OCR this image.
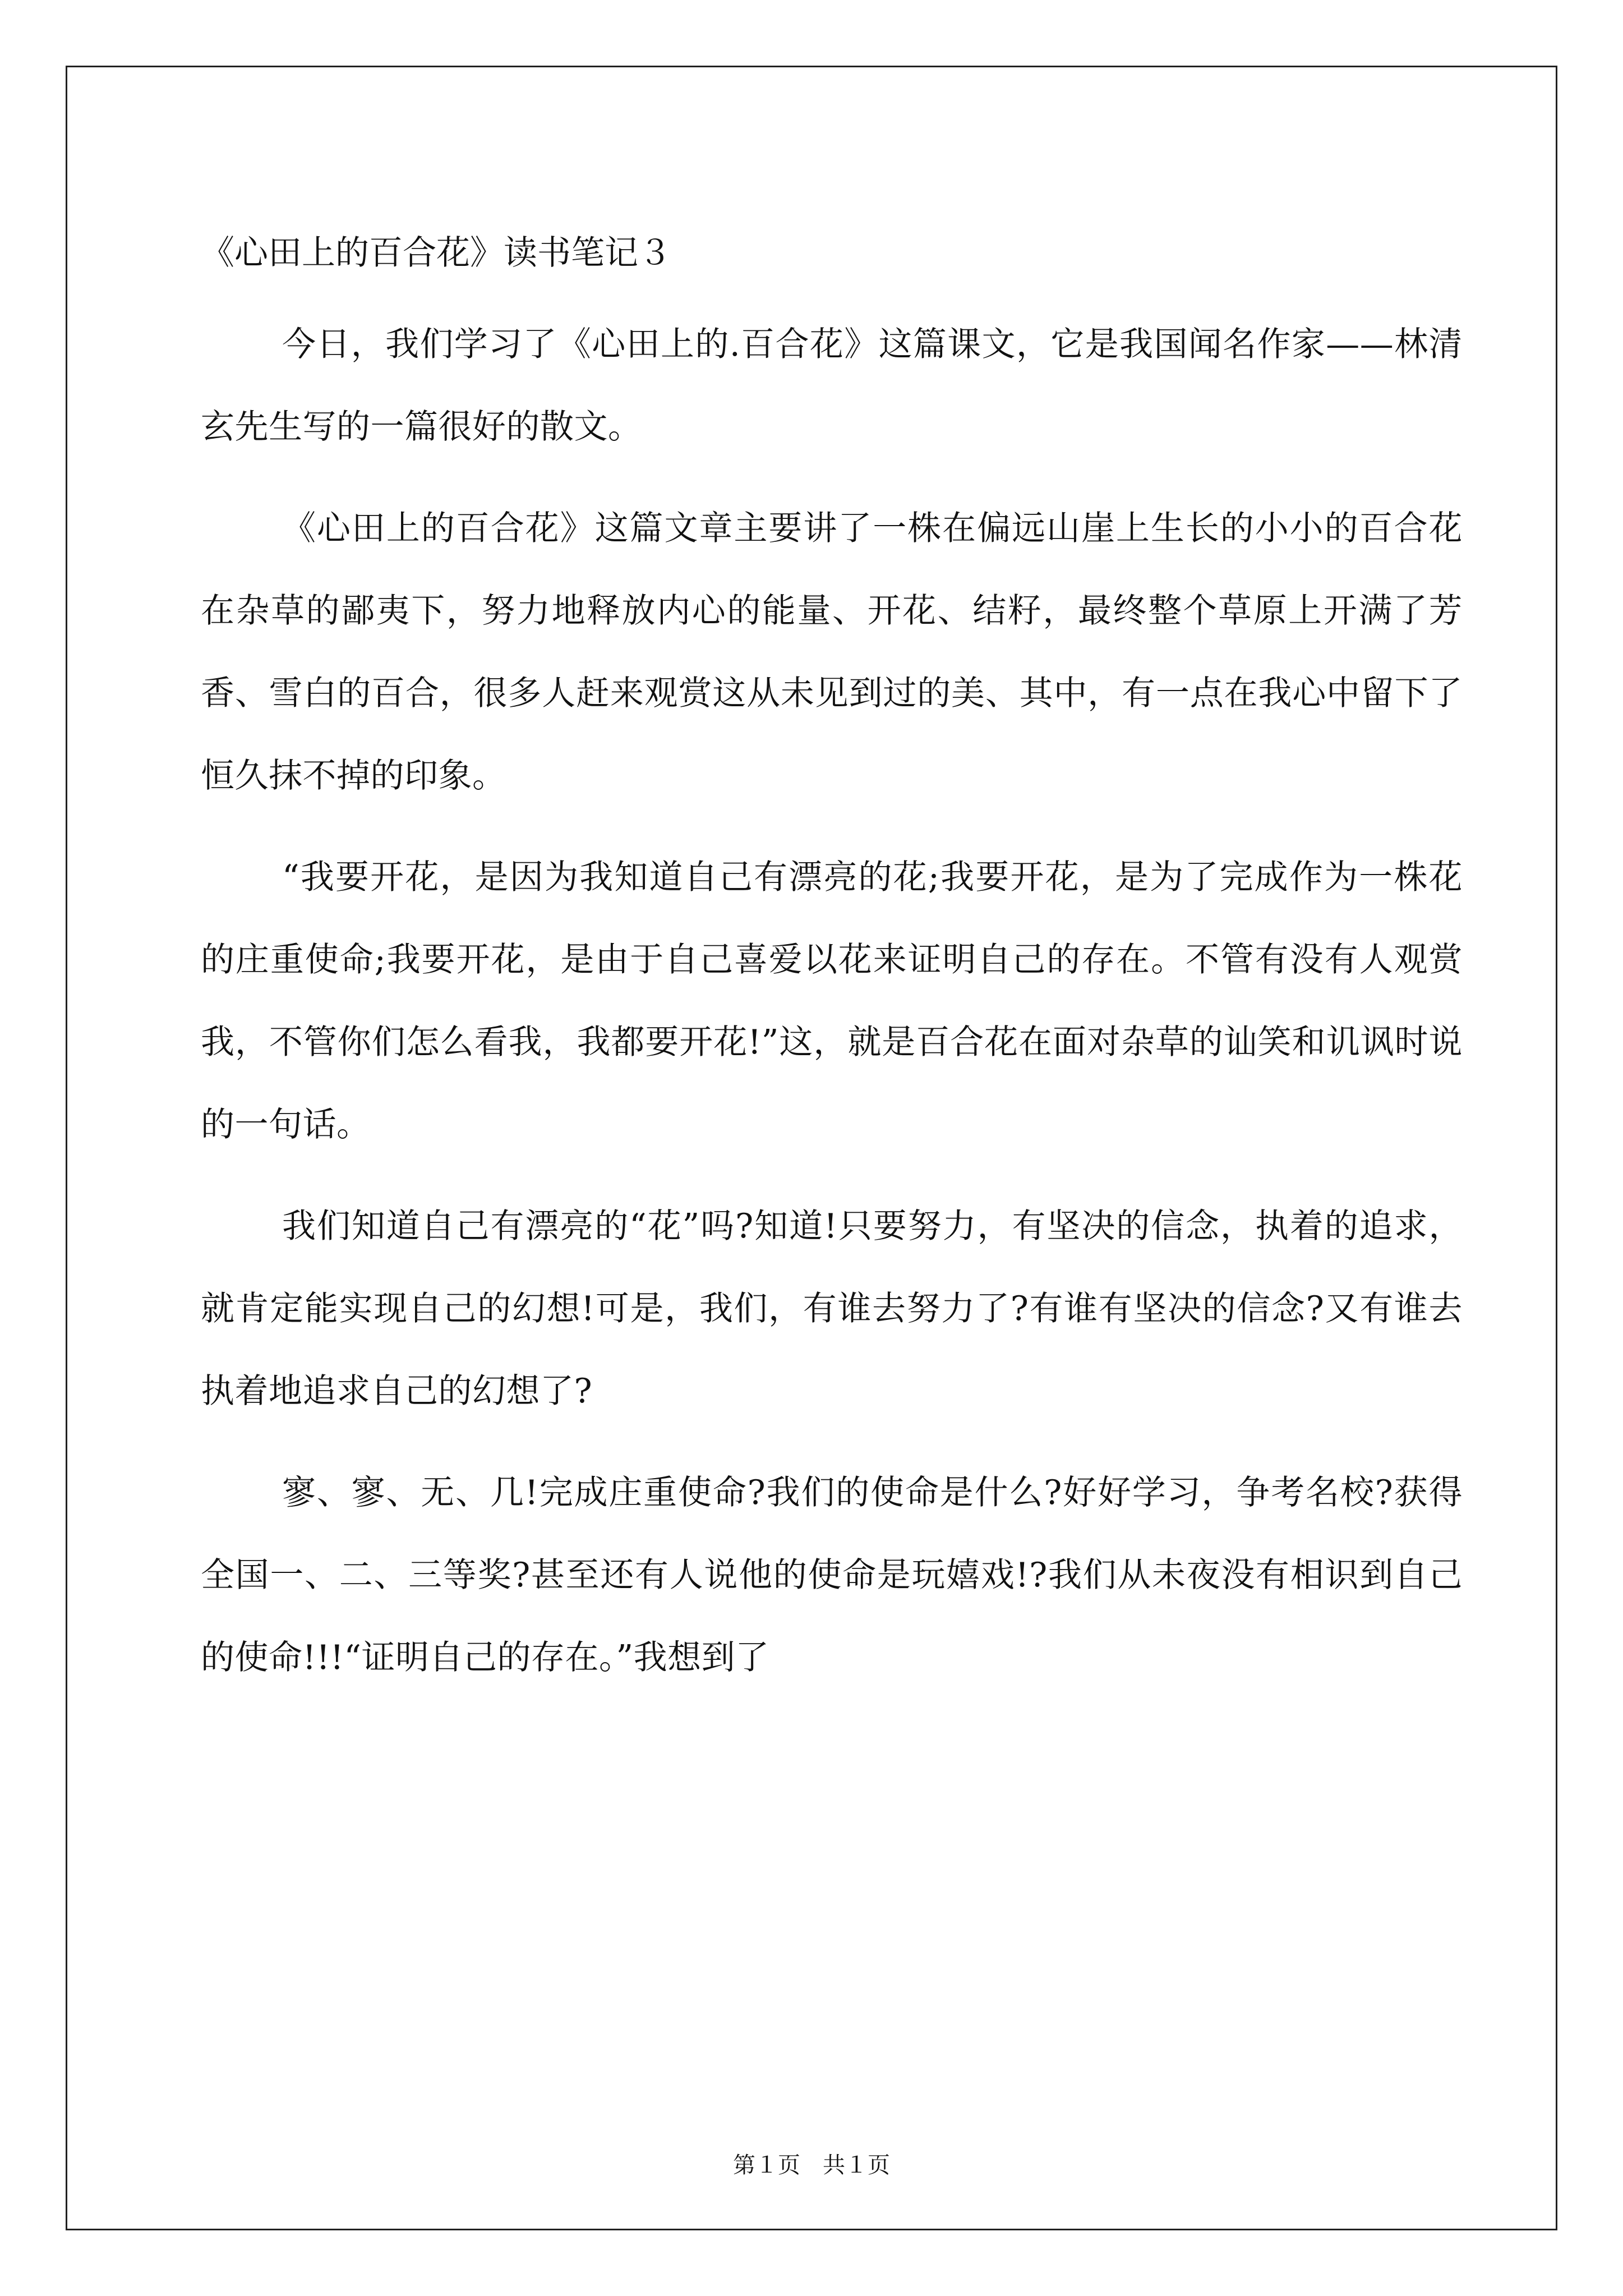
《心田上的百合花》读书笔记３

今日，我们学习了《心田上的.百合花》这篇课文，它是我国闻名作家——林清玄先生写的一篇很好的散文。

《心田上的百合花》这篇文章主要讲了一株在偏远山崖上生长的小小的百合花在杂草的鄙夷下，努力地释放内心的能量、开花、结籽，最终整个草原上开满了芳香、雪白的百合，很多人赶来观赏这从未见到过的美、其中，有一点在我心中留下了恒久抹不掉的印象。

“我要开花，是因为我知道自己有漂亮的花;我要开花，是为了完成作为一株花的庄重使命;我要开花，是由于自己喜爱以花来证明自己的存在。不管有没有人观赏我，不管你们怎么看我，我都要开花!”这，就是百合花在面对杂草的讪笑和讥讽时说的一句话。

我们知道自己有漂亮的“花”吗?知道!只要努力，有坚决的信念，执着的追求，就肯定能实现自己的幻想!可是，我们，有谁去努力了?有谁有坚决的信念?又有谁去执着地追求自己的幻想了?

寥、寥、无、几!完成庄重使命?我们的使命是什么?好好学习，争考名校?获得全国一、二、三等奖?甚至还有人说他的使命是玩嬉戏!?我们从未夜没有相识到自己的使命!!!“证明自己的存在。”我想到了

第１页　共１页
